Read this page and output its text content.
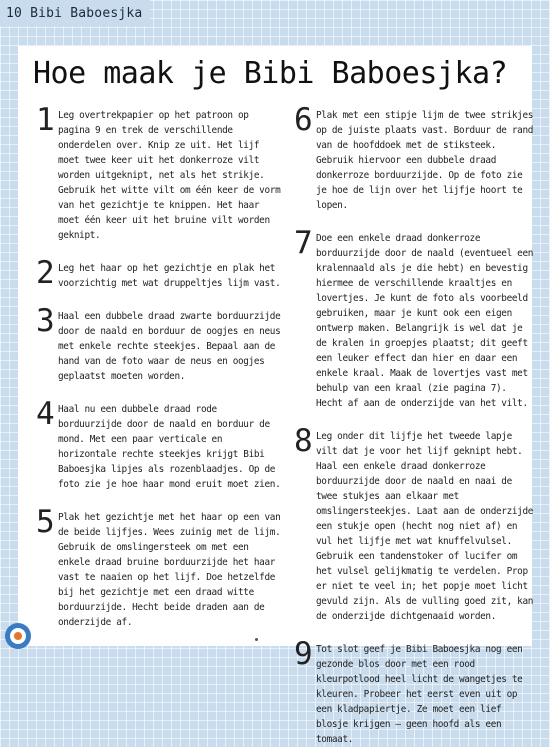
10 Bibi Baboesjka
Hoe maak je Bibi Baboesjka?
1 Leg overtrekpapier op het patroon op pagina 9 en trek de verschillende onderdelen over. Knip ze uit. Het lijf moet twee keer uit het donkerroze vilt worden uitgeknipt, net als het strikje. Gebruik het witte vilt om één keer de vorm van het gezichtje te knippen. Het haar moet één keer uit het bruine vilt worden geknipt.
2 Leg het haar op het gezichtje en plak het voorzichtig met wat druppeltjes lijm vast.
3 Haal een dubbele draad zwarte borduurzijde door de naald en borduur de oogjes en neus met enkele rechte steekjes. Bepaal aan de hand van de foto waar de neus en oogjes geplaatst moeten worden.
4 Haal nu een dubbele draad rode borduurzijde door de naald en borduur de mond. Met een paar verticale en horizontale rechte steekjes krijgt Bibi Baboesjka lipjes als rozenblaadjes. Op de foto zie je hoe haar mond eruit moet zien.
5 Plak het gezichtje met het haar op een van de beide lijfjes. Wees zuinig met de lijm. Gebruik de omslingersteek om met een enkele draad bruine borduurzijde het haar vast te naaien op het lijf. Doe hetzelfde bij het gezichtje met een draad witte borduurzijde. Hecht beide draden aan de onderzijde af.
6 Plak met een stipje lijm de twee strikjes op de juiste plaats vast. Borduur de rand van de hoofddoek met de stiksteek. Gebruik hiervoor een dubbele draad donkerroze borduurzijde. Op de foto zie je hoe de lijn over het lijfje hoort te lopen.
7 Doe een enkele draad donkerroze borduurzijde door de naald (eventueel een kralennaald als je die hebt) en bevestig hiermee de verschillende kraaltjes en lovertjes. Je kunt de foto als voorbeeld gebruiken, maar je kunt ook een eigen ontwerp maken. Belangrijk is wel dat je de kralen in groepjes plaatst; dit geeft een leuker effect dan hier en daar een enkele kraal. Maak de lovertjes vast met behulp van een kraal (zie pagina 7). Hecht af aan de onderzijde van het vilt.
8 Leg onder dit lijfje het tweede lapje vilt dat je voor het lijf geknipt hebt. Haal een enkele draad donkerroze borduurzijde door de naald en naai de twee stukjes aan elkaar met omslingersteekjes. Laat aan de onderzijde een stukje open (hecht nog niet af) en vul het lijfje met wat knuffelvulsel. Gebruik een tandenstoker of lucifer om het vulsel gelijkmatig te verdelen. Prop er niet te veel in; het popje moet licht gevuld zijn. Als de vulling goed zit, kan de onderzijde dichtgenaaid worden.
9 Tot slot geef je Bibi Baboesjka nog een gezonde blos door met een rood kleurpotlood heel licht de wangetjes te kleuren. Probeer het eerst even uit op een kladpapiertje. Ze moet een lief blosje krijgen – geen hoofd als een tomaat.
